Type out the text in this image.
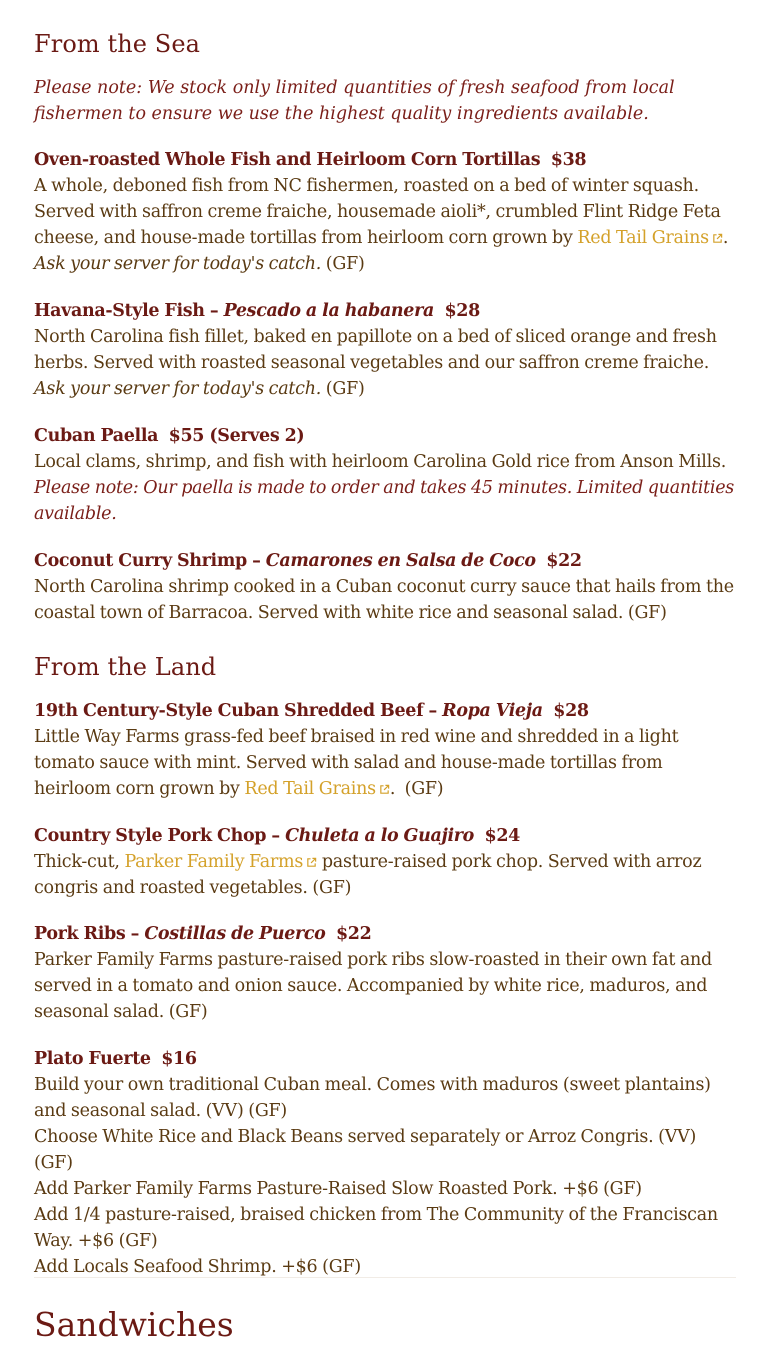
From the Sea

Please note: We stock only limited quantities of fresh seafood from local fishermen to ensure we use the highest quality ingredients available.

Oven-roasted Whole Fish and Heirloom Corn Tortillas $38
A whole, deboned fish from NC fishermen, roasted on a bed of winter squash. Served with saffron creme fraiche, housemade aioli*, crumbled Flint Ridge Feta cheese, and house-made tortillas from heirloom corn grown by Red Tail Grains . Ask your server for today's catch. (GF)
Havana-Style Fish – Pescado a la habanera $28
North Carolina fish fillet, baked en papillote on a bed of sliced orange and fresh herbs. Served with roasted seasonal vegetables and our saffron creme fraiche. Ask your server for today's catch. (GF)
Cuban Paella $55 (Serves 2)
Local clams, shrimp, and fish with heirloom Carolina Gold rice from Anson Mills. Please note: Our paella is made to order and takes 45 minutes. Limited quantities available.
Coconut Curry Shrimp – Camarones en Salsa de Coco $22
North Carolina shrimp cooked in a Cuban coconut curry sauce that hails from the coastal town of Barracoa. Served with white rice and seasonal salad. (GF)
From the Land
19th Century-Style Cuban Shredded Beef – Ropa Vieja $28
Little Way Farms grass-fed beef braised in red wine and shredded in a light tomato sauce with mint. Served with salad and house-made tortillas from heirloom corn grown by Red Tail Grains .  (GF)
Country Style Pork Chop – Chuleta a lo Guajiro $24
Thick-cut, Parker Family Farms pasture-raised pork chop. Served with arroz congris and roasted vegetables. (GF)
Pork Ribs – Costillas de Puerco $22
Parker Family Farms pasture-raised pork ribs slow-roasted in their own fat and served in a tomato and onion sauce. Accompanied by white rice, maduros, and seasonal salad. (GF)
Plato Fuerte $16
Build your own traditional Cuban meal. Comes with maduros (sweet plantains) and seasonal salad. (VV) (GF)
Choose White Rice and Black Beans served separately or Arroz Congris. (VV) (GF)
Add Parker Family Farms Pasture-Raised Slow Roasted Pork. +$6 (GF)
Add 1/4 pasture-raised, braised chicken from The Community of the Franciscan Way. +$6 (GF)
Add Locals Seafood Shrimp. +$6 (GF)
Sandwiches
